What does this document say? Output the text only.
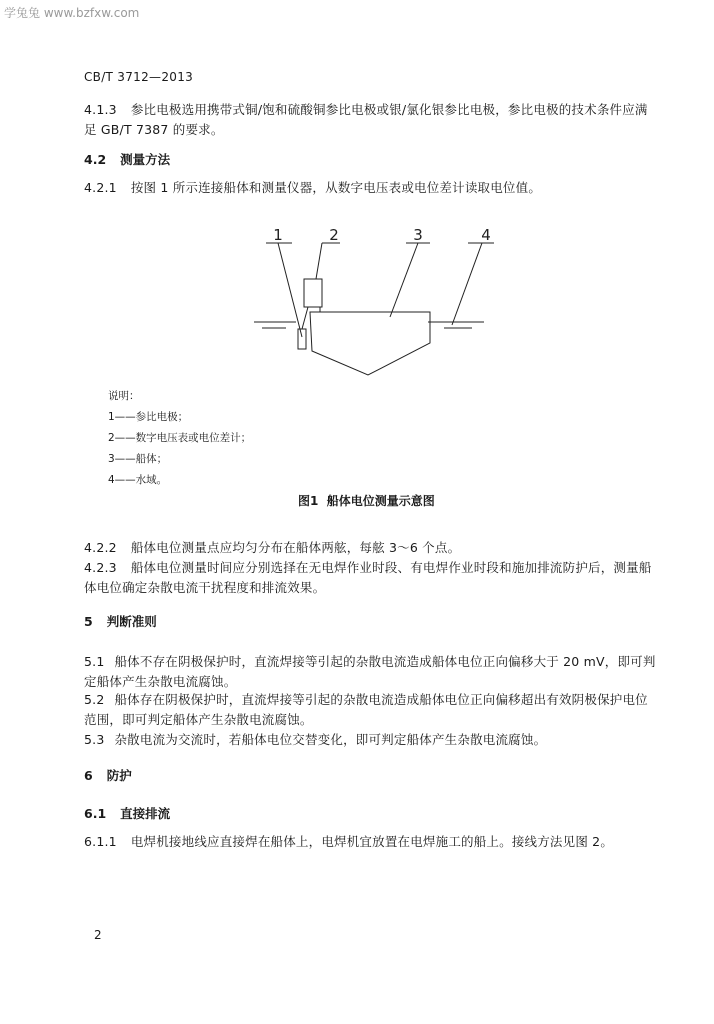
学兔兔 www.bzfxw.com
CB/T 3712—2013
4.1.3 参比电极选用携带式铜/饱和硫酸铜参比电极或银/氯化银参比电极，参比电极的技术条件应满
足 GB/T 7387 的要求。
4.2 测量方法
4.2.1 按图 1 所示连接船体和测量仪器，从数字电压表或电位差计读取电位值。
1	2	3	4
说明：
1——参比电极；
2——数字电压表或电位差计；
3——船体；
4——水域。
图1 船体电位测量示意图
4.2.2 船体电位测量点应均匀分布在船体两舷，每舷 3～6 个点。
4.2.3 船体电位测量时间应分别选择在无电焊作业时段、有电焊作业时段和施加排流防护后，测量船
体电位确定杂散电流干扰程度和排流效果。
5 判断准则
5.1 船体不存在阴极保护时，直流焊接等引起的杂散电流造成船体电位正向偏移大于 20 mV，即可判
定船体产生杂散电流腐蚀。
5.2 船体存在阴极保护时，直流焊接等引起的杂散电流造成船体电位正向偏移超出有效阴极保护电位
范围，即可判定船体产生杂散电流腐蚀。
5.3 杂散电流为交流时，若船体电位交替变化，即可判定船体产生杂散电流腐蚀。
6 防护
6.1 直接排流
6.1.1 电焊机接地线应直接焊在船体上，电焊机宜放置在电焊施工的船上。接线方法见图 2。
2
